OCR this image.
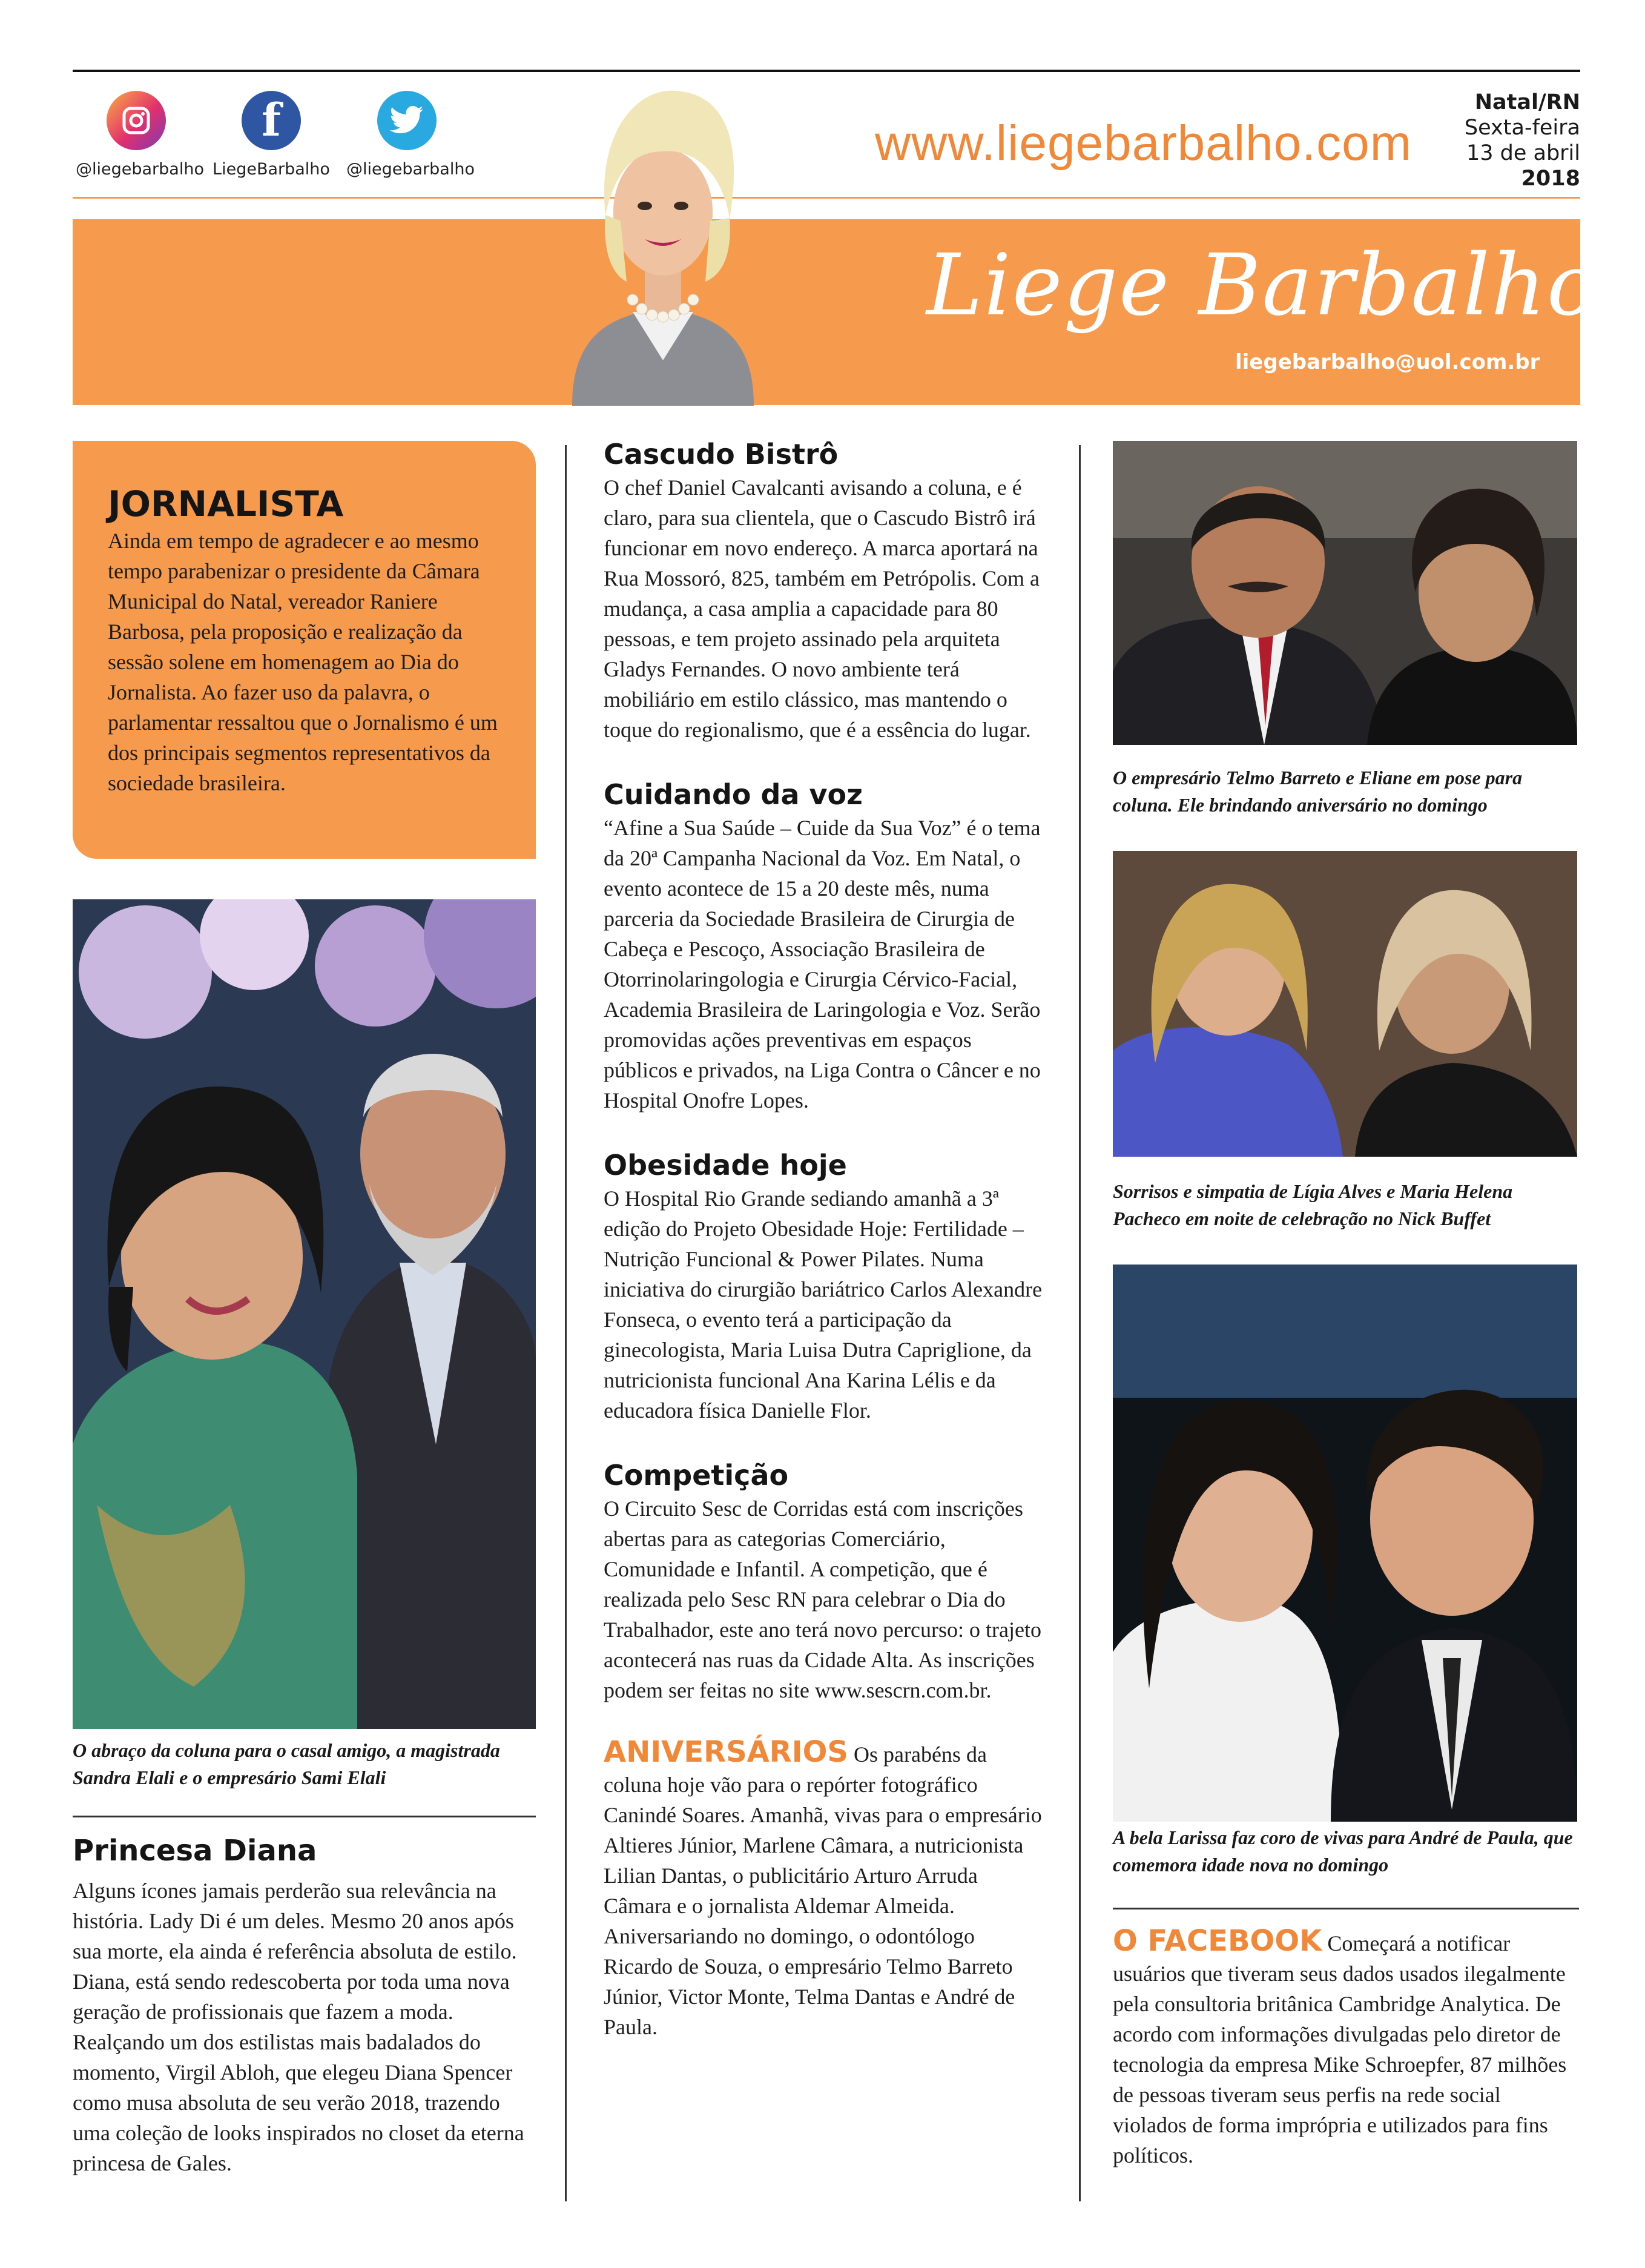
@liegebarbalho
f
LiegeBarbalho @liegebarbalho	www.liegebarbalho.com
Natal/RN
Sexta-feira
13 de abril
2018
Liege Barbalho
liegebarbalho@uol.com.br
JORNALISTA
Ainda em tempo de agradecer e ao mesmo tempo parabenizar o presidente da Câmara Municipal do Natal, vereador Raniere Barbosa, pela proposição e realização da sessão solene em homenagem ao Dia do Jornalista. Ao fazer uso da palavra, o parlamentar ressaltou que o Jornalismo é um dos principais segmentos representativos da sociedade brasileira.
O abraço da coluna para o casal amigo, a magistrada Sandra Elali e o empresário Sami Elali
Princesa Diana
Alguns ícones jamais perderão sua relevância na história. Lady Di é um deles. Mesmo 20 anos após sua morte, ela ainda é referência absoluta de estilo. Diana, está sendo redescoberta por toda uma nova geração de profissionais que fazem a moda. Realçando um dos estilistas mais badalados do momento, Virgil Abloh, que elegeu Diana Spencer como musa absoluta de seu verão 2018, trazendo uma coleção de looks inspirados no closet da eterna princesa de Gales.
Cascudo Bistrô
O chef Daniel Cavalcanti avisando a coluna, e é claro, para sua clientela, que o Cascudo Bistrô irá funcionar em novo endereço. A marca aportará na Rua Mossoró, 825, também em Petrópolis. Com a mudança, a casa amplia a capacidade para 80 pessoas, e tem projeto assinado pela arquiteta Gladys Fernandes. O novo ambiente terá mobiliário em estilo clássico, mas mantendo o toque do regionalismo, que é a essência do lugar.
Cuidando da voz
“Afine a Sua Saúde – Cuide da Sua Voz” é o tema da 20ª Campanha Nacional da Voz. Em Natal, o evento acontece de 15 a 20 deste mês, numa parceria da Sociedade Brasileira de Cirurgia de Cabeça e Pescoço, Associação Brasileira de Otorrinolaringologia e Cirurgia Cérvico-Facial, Academia Brasileira de Laringologia e Voz. Serão promovidas ações preventivas em espaços públicos e privados, na Liga Contra o Câncer e no Hospital Onofre Lopes.
Obesidade hoje
O Hospital Rio Grande sediando amanhã a 3ª edição do Projeto Obesidade Hoje: Fertilidade – Nutrição Funcional & Power Pilates. Numa iniciativa do cirurgião bariátrico Carlos Alexandre Fonseca, o evento terá a participação da ginecologista, Maria Luisa Dutra Capriglione, da nutricionista funcional Ana Karina Lélis e da educadora física Danielle Flor.
Competição
O Circuito Sesc de Corridas está com inscrições abertas para as categorias Comerciário, Comunidade e Infantil. A competição, que é realizada pelo Sesc RN para celebrar o Dia do Trabalhador, este ano terá novo percurso: o trajeto acontecerá nas ruas da Cidade Alta. As inscrições podem ser feitas no site www.sescrn.com.br.
ANIVERSÁRIOS Os parabéns da coluna hoje vão para o repórter fotográfico Canindé Soares. Amanhã, vivas para o empresário Altieres Júnior, Marlene Câmara, a nutricionista Lilian Dantas, o publicitário Arturo Arruda Câmara e o jornalista Aldemar Almeida. Aniversariando no domingo, o odontólogo Ricardo de Souza, o empresário Telmo Barreto Júnior, Victor Monte, Telma Dantas e André de Paula.
O empresário Telmo Barreto e Eliane em pose para coluna. Ele brindando aniversário no domingo
Sorrisos e simpatia de Lígia Alves e Maria Helena Pacheco em noite de celebração no Nick Buffet
A bela Larissa faz coro de vivas para André de Paula, que comemora idade nova no domingo
O FACEBOOK Começará a notificar usuários que tiveram seus dados usados ilegalmente pela consultoria britânica Cambridge Analytica. De acordo com informações divulgadas pelo diretor de tecnologia da empresa Mike Schroepfer, 87 milhões de pessoas tiveram seus perfis na rede social violados de forma imprópria e utilizados para fins políticos.
